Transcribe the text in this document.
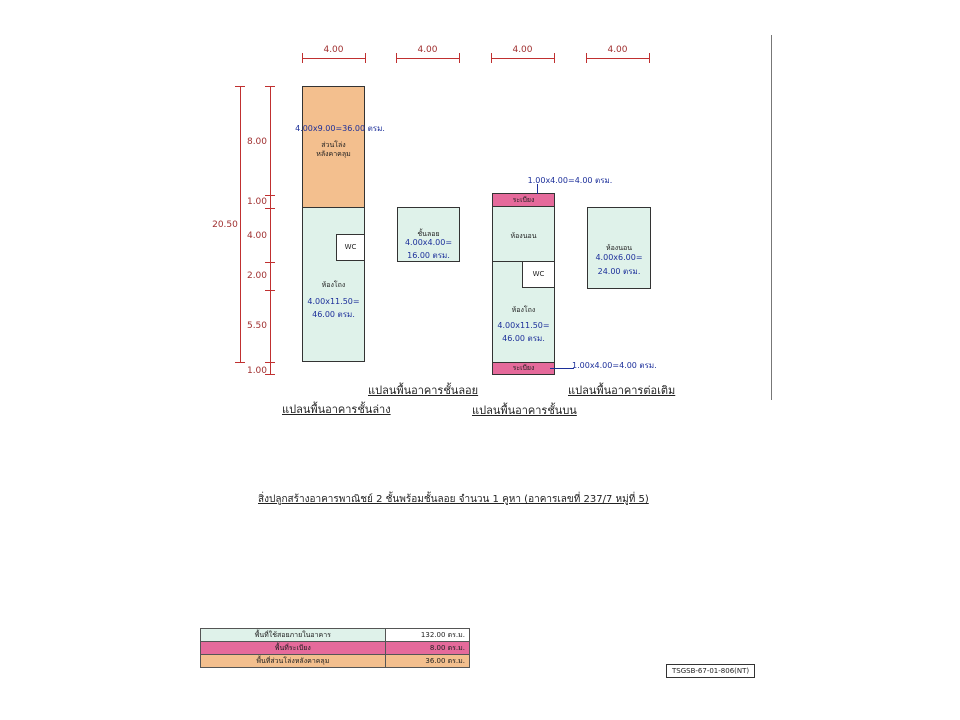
4.00	4.00	4.00	4.00
20.50
8.00
1.00
4.00
2.00
5.50
1.00
WC
4.00x9.00=36.00 ตรม.
ส่วนโล่ง
หลังคาคลุม
ห้องโถง
4.00x11.50=
46.00 ตรม.
แปลนพื้นอาคารชั้นล่าง
ชั้นลอย
4.00x4.00=
16.00 ตรม.
แปลนพื้นอาคารชั้นลอย
ระเบียง
1.00x4.00=4.00 ตรม.
WC
ห้องนอน
ห้องโถง
4.00x11.50=
46.00 ตรม.
ระเบียง	1.00x4.00=4.00 ตรม.
แปลนพื้นอาคารชั้นบน
ห้องนอน
4.00x6.00=
24.00 ตรม.
แปลนพื้นอาคารต่อเติม
สิ่งปลูกสร้างอาคารพาณิชย์ 2 ชั้นพร้อมชั้นลอย จำนวน 1 คูหา (อาคารเลขที่ 237/7 หมู่ที่ 5)
พื้นที่ใช้สอยภายในอาคาร	132.00 ตร.ม.
พื้นที่ระเบียง	8.00 ตร.ม.
พื้นที่ส่วนโล่งหลังคาคลุม	36.00 ตร.ม.
TSGSB-67-01-806(NT)
